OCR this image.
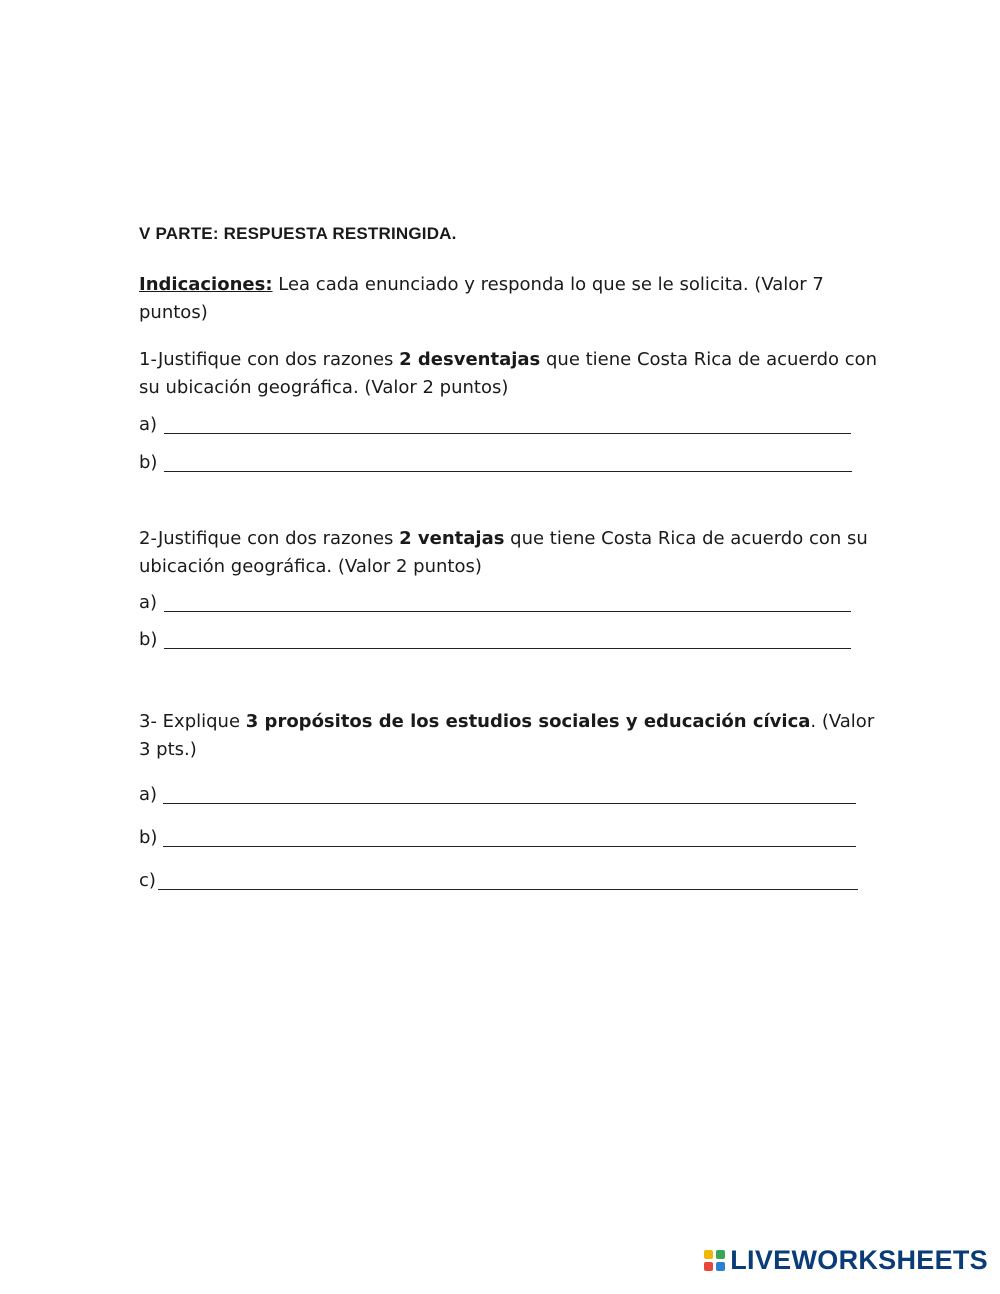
V PARTE: RESPUESTA RESTRINGIDA.
Indicaciones: Lea cada enunciado y responda lo que se le solicita. (Valor 7 puntos)
1-Justifique con dos razones 2 desventajas que tiene Costa Rica de acuerdo con su ubicación geográfica. (Valor 2 puntos)
a)
b)
2-Justifique con dos razones 2 ventajas que tiene Costa Rica de acuerdo con su ubicación geográfica. (Valor 2 puntos)
a)
b)
3- Explique 3 propósitos de los estudios sociales y educación cívica. (Valor 3 pts.)
a)
b)
c)
LIVEWORKSHEETS
